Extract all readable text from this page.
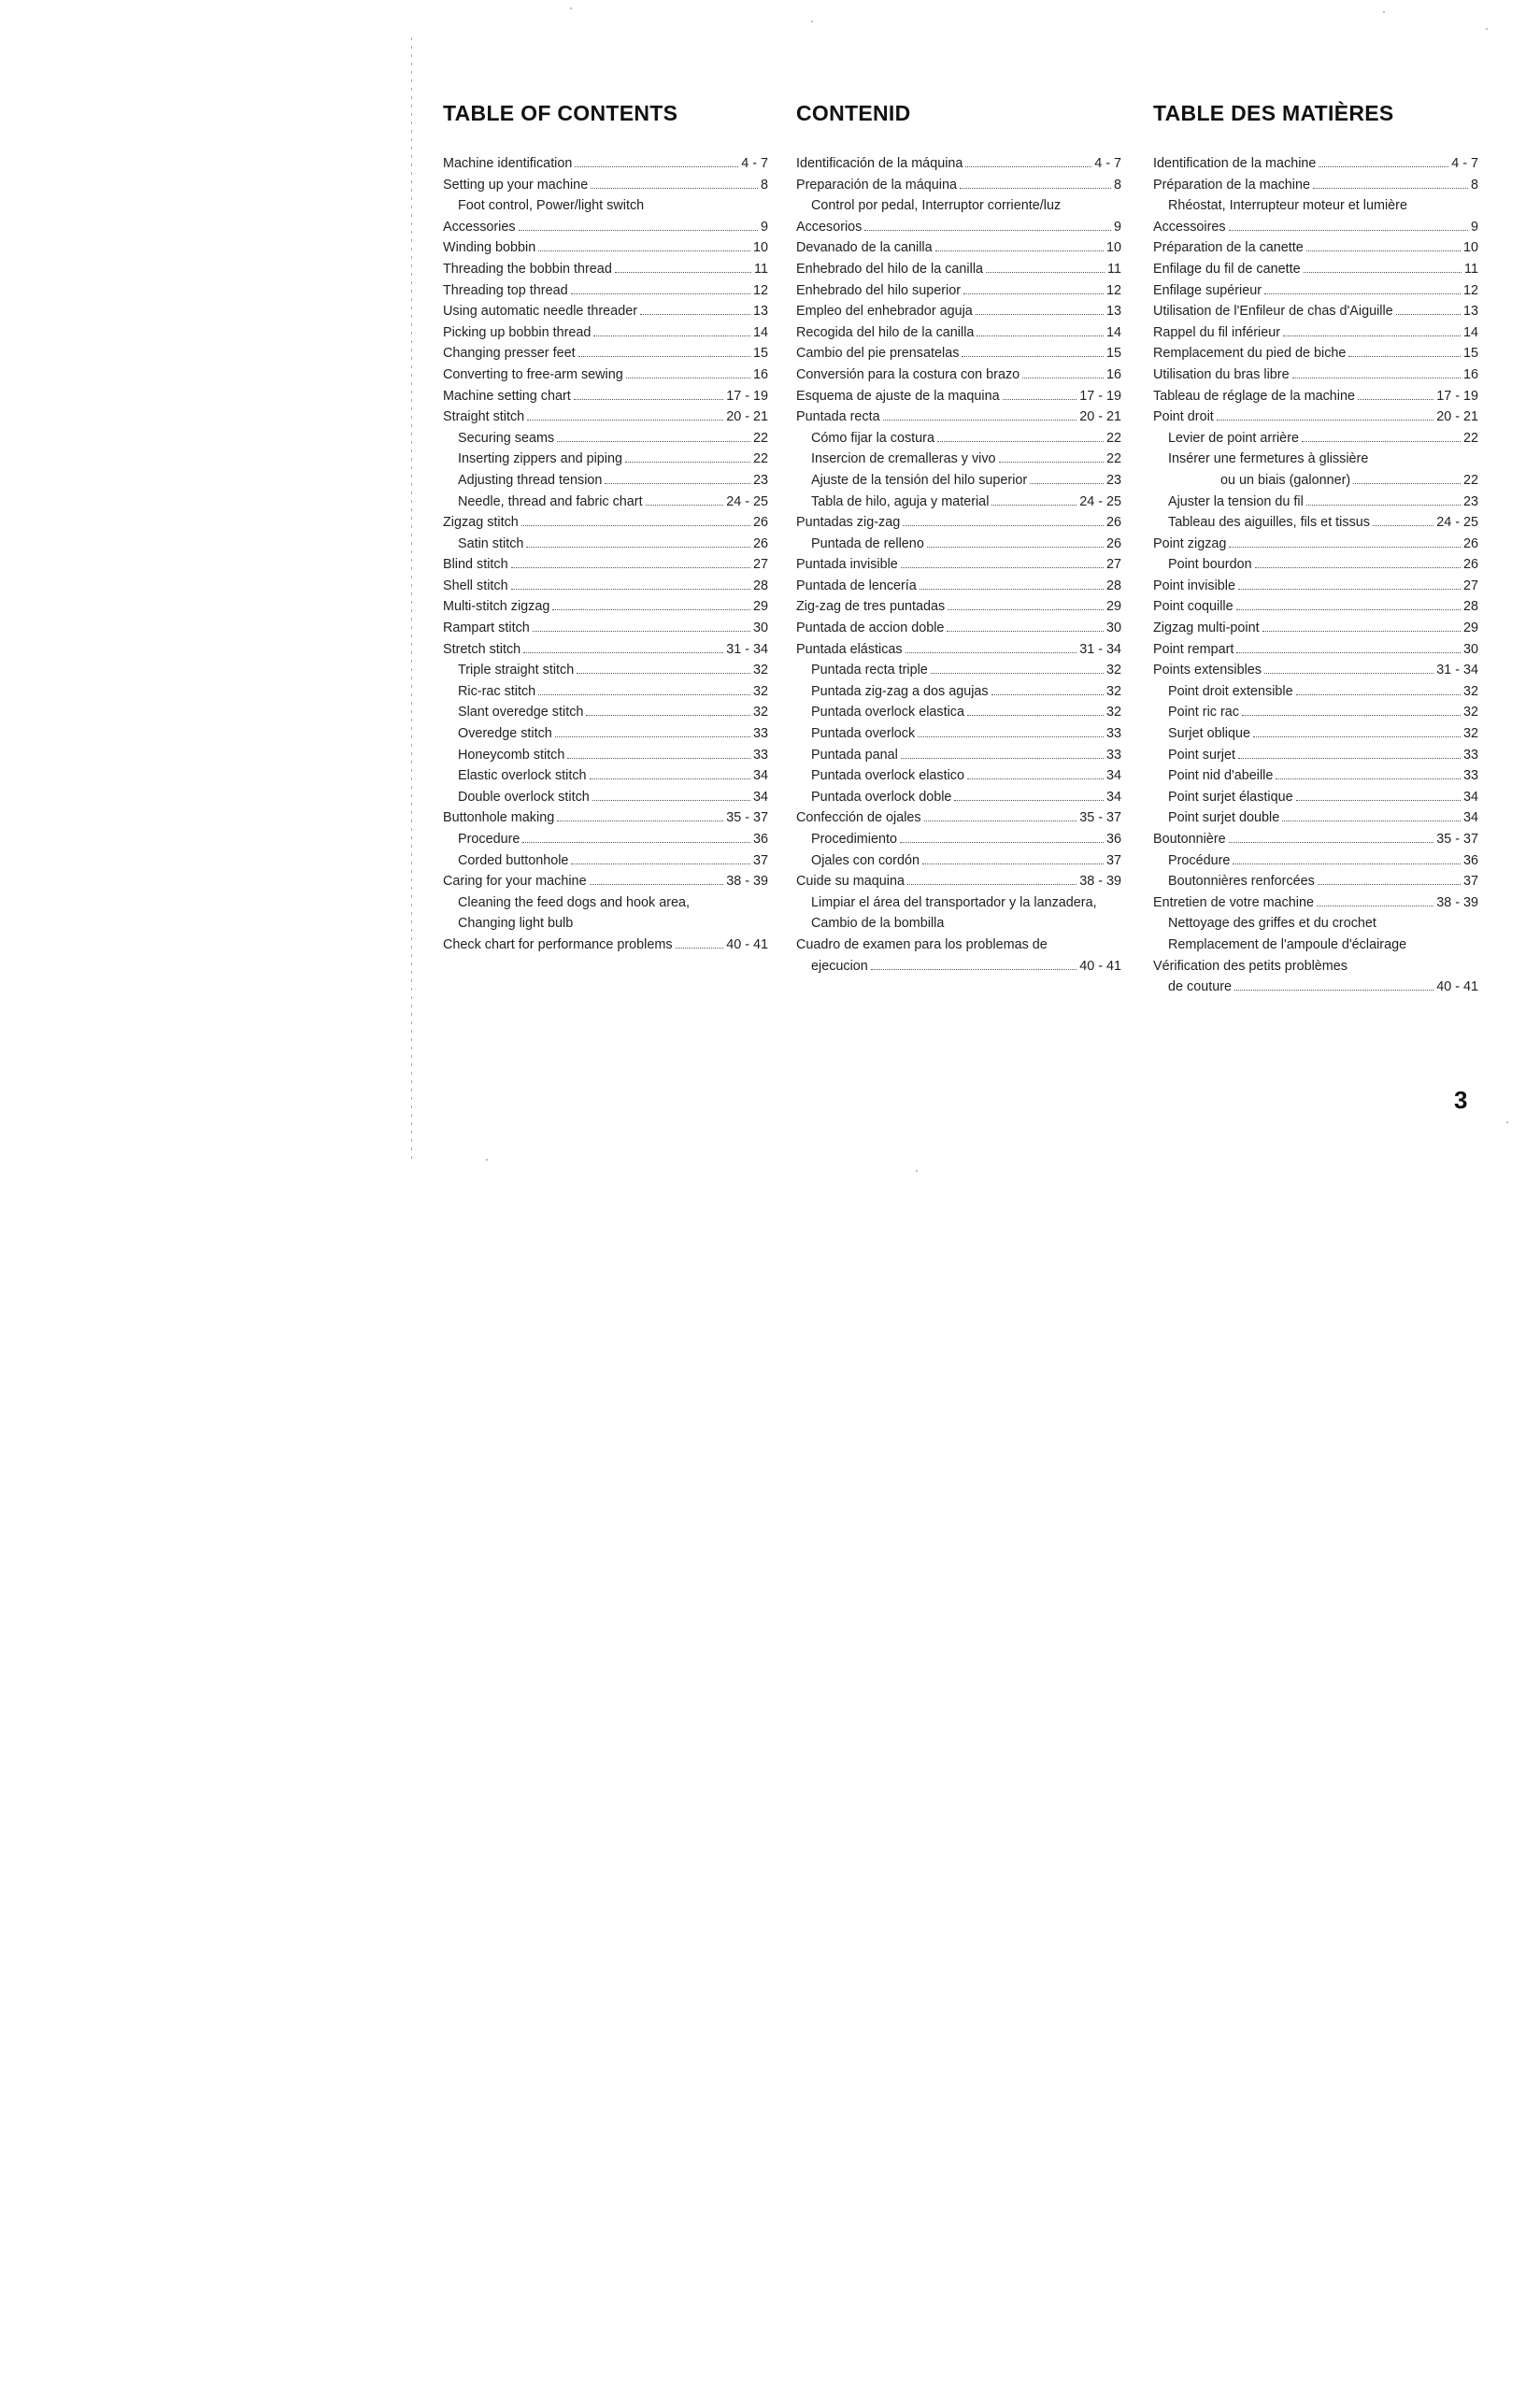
TABLE OF CONTENTS
Machine identification	4 - 7
Setting up your machine	8
Foot control, Power/light switch
Accessories	9
Winding bobbin	10
Threading the bobbin thread	11
Threading top thread	12
Using automatic needle threader	13
Picking up bobbin thread	14
Changing presser feet	15
Converting to free-arm sewing	16
Machine setting chart	17 - 19
Straight stitch	20 - 21
Securing seams	22
Inserting zippers and piping	22
Adjusting thread tension	23
Needle, thread and fabric chart	24 - 25
Zigzag stitch	26
Satin stitch	26
Blind stitch	27
Shell stitch	28
Multi-stitch zigzag	29
Rampart stitch	30
Stretch stitch	31 - 34
Triple straight stitch	32
Ric-rac stitch	32
Slant overedge stitch	32
Overedge stitch	33
Honeycomb stitch	33
Elastic overlock stitch	34
Double overlock stitch	34
Buttonhole making	35 - 37
Procedure	36
Corded buttonhole	37
Caring for your machine	38 - 39
Cleaning the feed dogs and hook area,
Changing light bulb
Check chart for performance problems	40 - 41
CONTENID
Identificación de la máquina	4 - 7
Preparación de la máquina	8
Control por pedal, Interruptor corriente/luz
Accesorios	9
Devanado de la canilla	10
Enhebrado del hilo de la canilla	11
Enhebrado del hilo superior	12
Empleo del enhebrador aguja	13
Recogida del hilo de la canilla	14
Cambio del pie prensatelas	15
Conversión para la costura con brazo	16
Esquema de ajuste de la maquina	17 - 19
Puntada recta	20 - 21
Cómo fijar la costura	22
Insercion de cremalleras y vivo	22
Ajuste de la tensión del hilo superior	23
Tabla de hilo, aguja y material	24 - 25
Puntadas zig-zag	26
Puntada de relleno	26
Puntada invisible	27
Puntada de lencería	28
Zig-zag de tres puntadas	29
Puntada de accion doble	30
Puntada elásticas	31 - 34
Puntada recta triple	32
Puntada zig-zag a dos agujas	32
Puntada overlock elastica	32
Puntada overlock	33
Puntada panal	33
Puntada overlock elastico	34
Puntada overlock doble	34
Confección de ojales	35 - 37
Procedimiento	36
Ojales con cordón	37
Cuide su maquina	38 - 39
Limpiar el área del transportador y la lanzadera,
Cambio de la bombilla
Cuadro de examen para los problemas de
ejecucion	40 - 41
TABLE DES MATIÈRES
Identification de la machine	4 - 7
Préparation de la machine	8
Rhéostat, Interrupteur moteur et lumière
Accessoires	9
Préparation de la canette	10
Enfilage du fil de canette	11
Enfilage supérieur	12
Utilisation de l'Enfileur de chas d'Aiguille	13
Rappel du fil inférieur	14
Remplacement du pied de biche	15
Utilisation du bras libre	16
Tableau de réglage de la machine	17 - 19
Point droit	20 - 21
Levier de point arrière	22
Insérer une fermetures à glissière
ou un biais (galonner)	22
Ajuster la tension du fil	23
Tableau des aiguilles, fils et tissus	24 - 25
Point zigzag	26
Point bourdon	26
Point invisible	27
Point coquille	28
Zigzag multi-point	29
Point rempart	30
Points extensibles	31 - 34
Point droit extensible	32
Point ric rac	32
Surjet oblique	32
Point surjet	33
Point nid d'abeille	33
Point surjet élastique	34
Point surjet double	34
Boutonnière	35 - 37
Procédure	36
Boutonnières renforcées	37
Entretien de votre machine	38 - 39
Nettoyage des griffes et du crochet
Remplacement de l'ampoule d'éclairage
Vérification des petits problèmes
de couture	40 - 41
3
